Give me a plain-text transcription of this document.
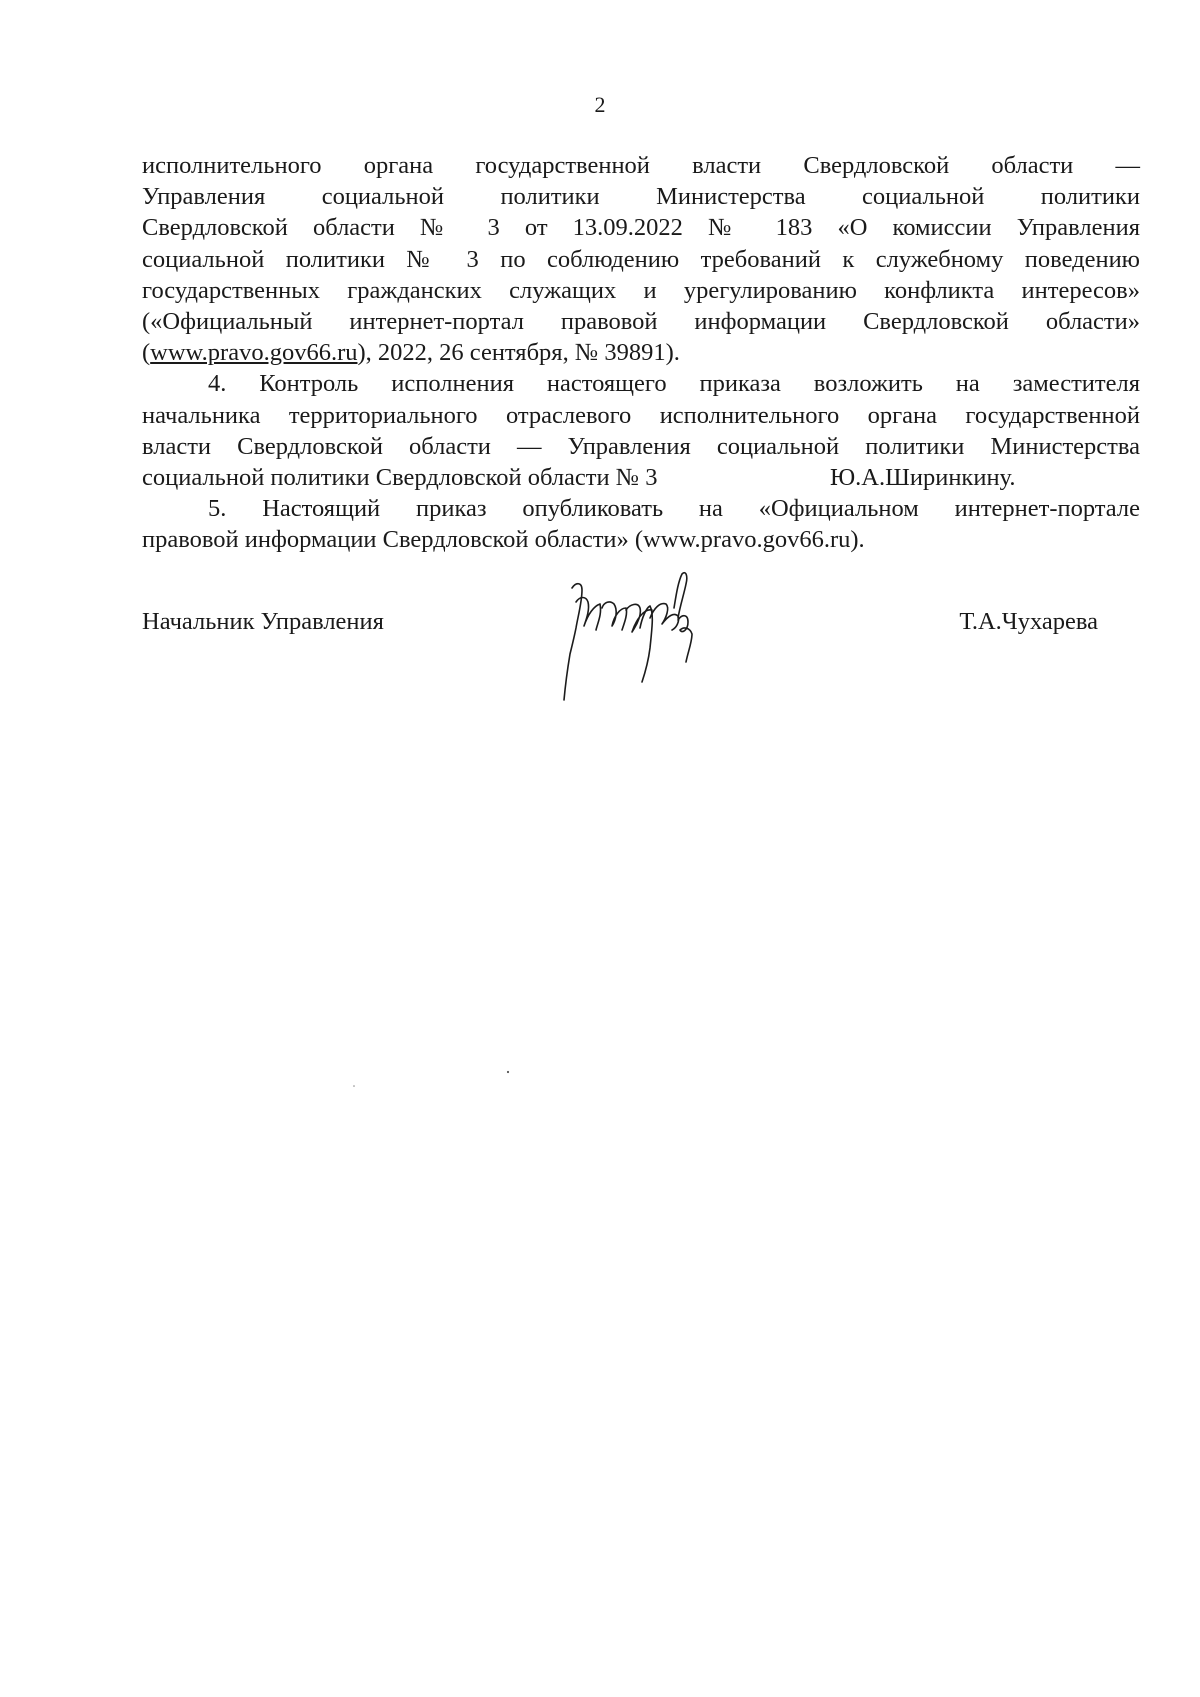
2
исполнительного органа государственной власти Свердловской области —
Управления социальной политики Министерства социальной политики
Свердловской области № 3 от 13.09.2022 № 183 «О комиссии Управления
социальной политики № 3 по соблюдению требований к служебному поведению
государственных гражданских служащих и урегулированию конфликта интересов»
(«Официальный интернет-портал правовой информации Свердловской области»
(www.pravo.gov66.ru), 2022, 26 сентября, № 39891).
4. Контроль исполнения настоящего приказа возложить на заместителя
начальника территориального отраслевого исполнительного органа государственной
власти Свердловской области — Управления социальной политики Министерства
социальной политики Свердловской области № 3	Ю.А.Ширинкину.
5. Настоящий приказ опубликовать на «Официальном интернет-портале
правовой информации Свердловской области» (www.pravo.gov66.ru).
Начальник Управления	Т.А.Чухарева
